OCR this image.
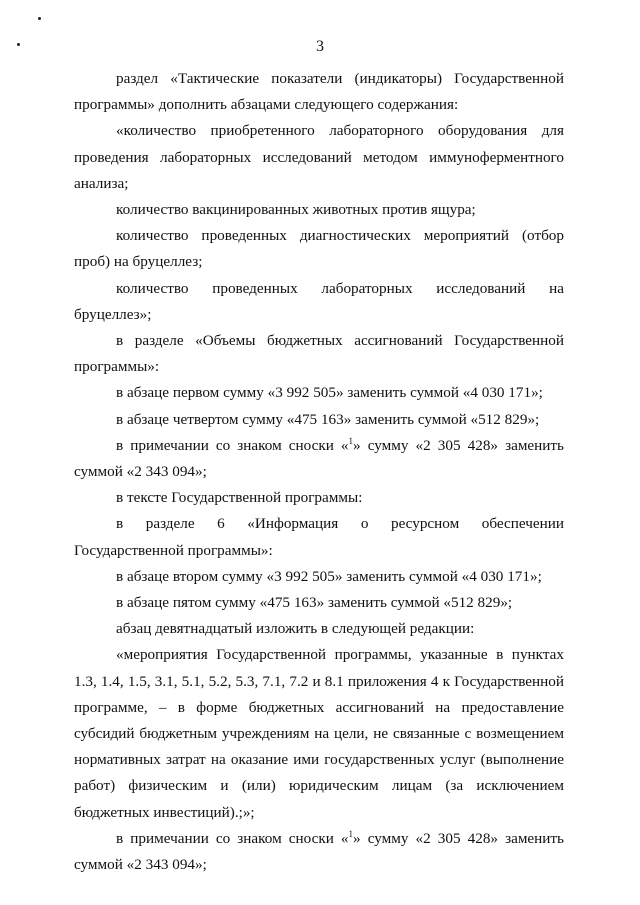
3

раздел «Тактические показатели (индикаторы) Государственной программы» дополнить абзацами следующего содержания:

«количество приобретенного лабораторного оборудования для проведения лабораторных исследований методом иммуноферментного анализа;

количество вакцинированных животных против ящура;

количество проведенных диагностических мероприятий (отбор проб) на бруцеллез;

количество проведенных лабораторных исследований на бруцеллез»;

в разделе «Объемы бюджетных ассигнований Государственной программы»:

в абзаце первом сумму «3 992 505» заменить суммой «4 030 171»;

в абзаце четвертом сумму «475 163» заменить суммой «512 829»;

в примечании со знаком сноски «$^1$» сумму «2 305 428» заменить суммой «2 343 094»;

в тексте Государственной программы:

в разделе 6 «Информация о ресурсном обеспечении Государственной программы»:

в абзаце втором сумму «3 992 505» заменить суммой «4 030 171»;

в абзаце пятом сумму «475 163» заменить суммой «512 829»;

абзац девятнадцатый изложить в следующей редакции:

«мероприятия Государственной программы, указанные в пунктах 1.3, 1.4, 1.5, 3.1, 5.1, 5.2, 5.3, 7.1, 7.2 и 8.1 приложения 4 к Государственной программе, – в форме бюджетных ассигнований на предоставление субсидий бюджетным учреждениям на цели, не связанные с возмещением нормативных затрат на оказание ими государственных услуг (выполнение работ) физическим и (или) юридическим лицам (за исключением бюджетных инвестиций).;»;

в примечании со знаком сноски «$^1$» сумму «2 305 428» заменить суммой «2 343 094»;
